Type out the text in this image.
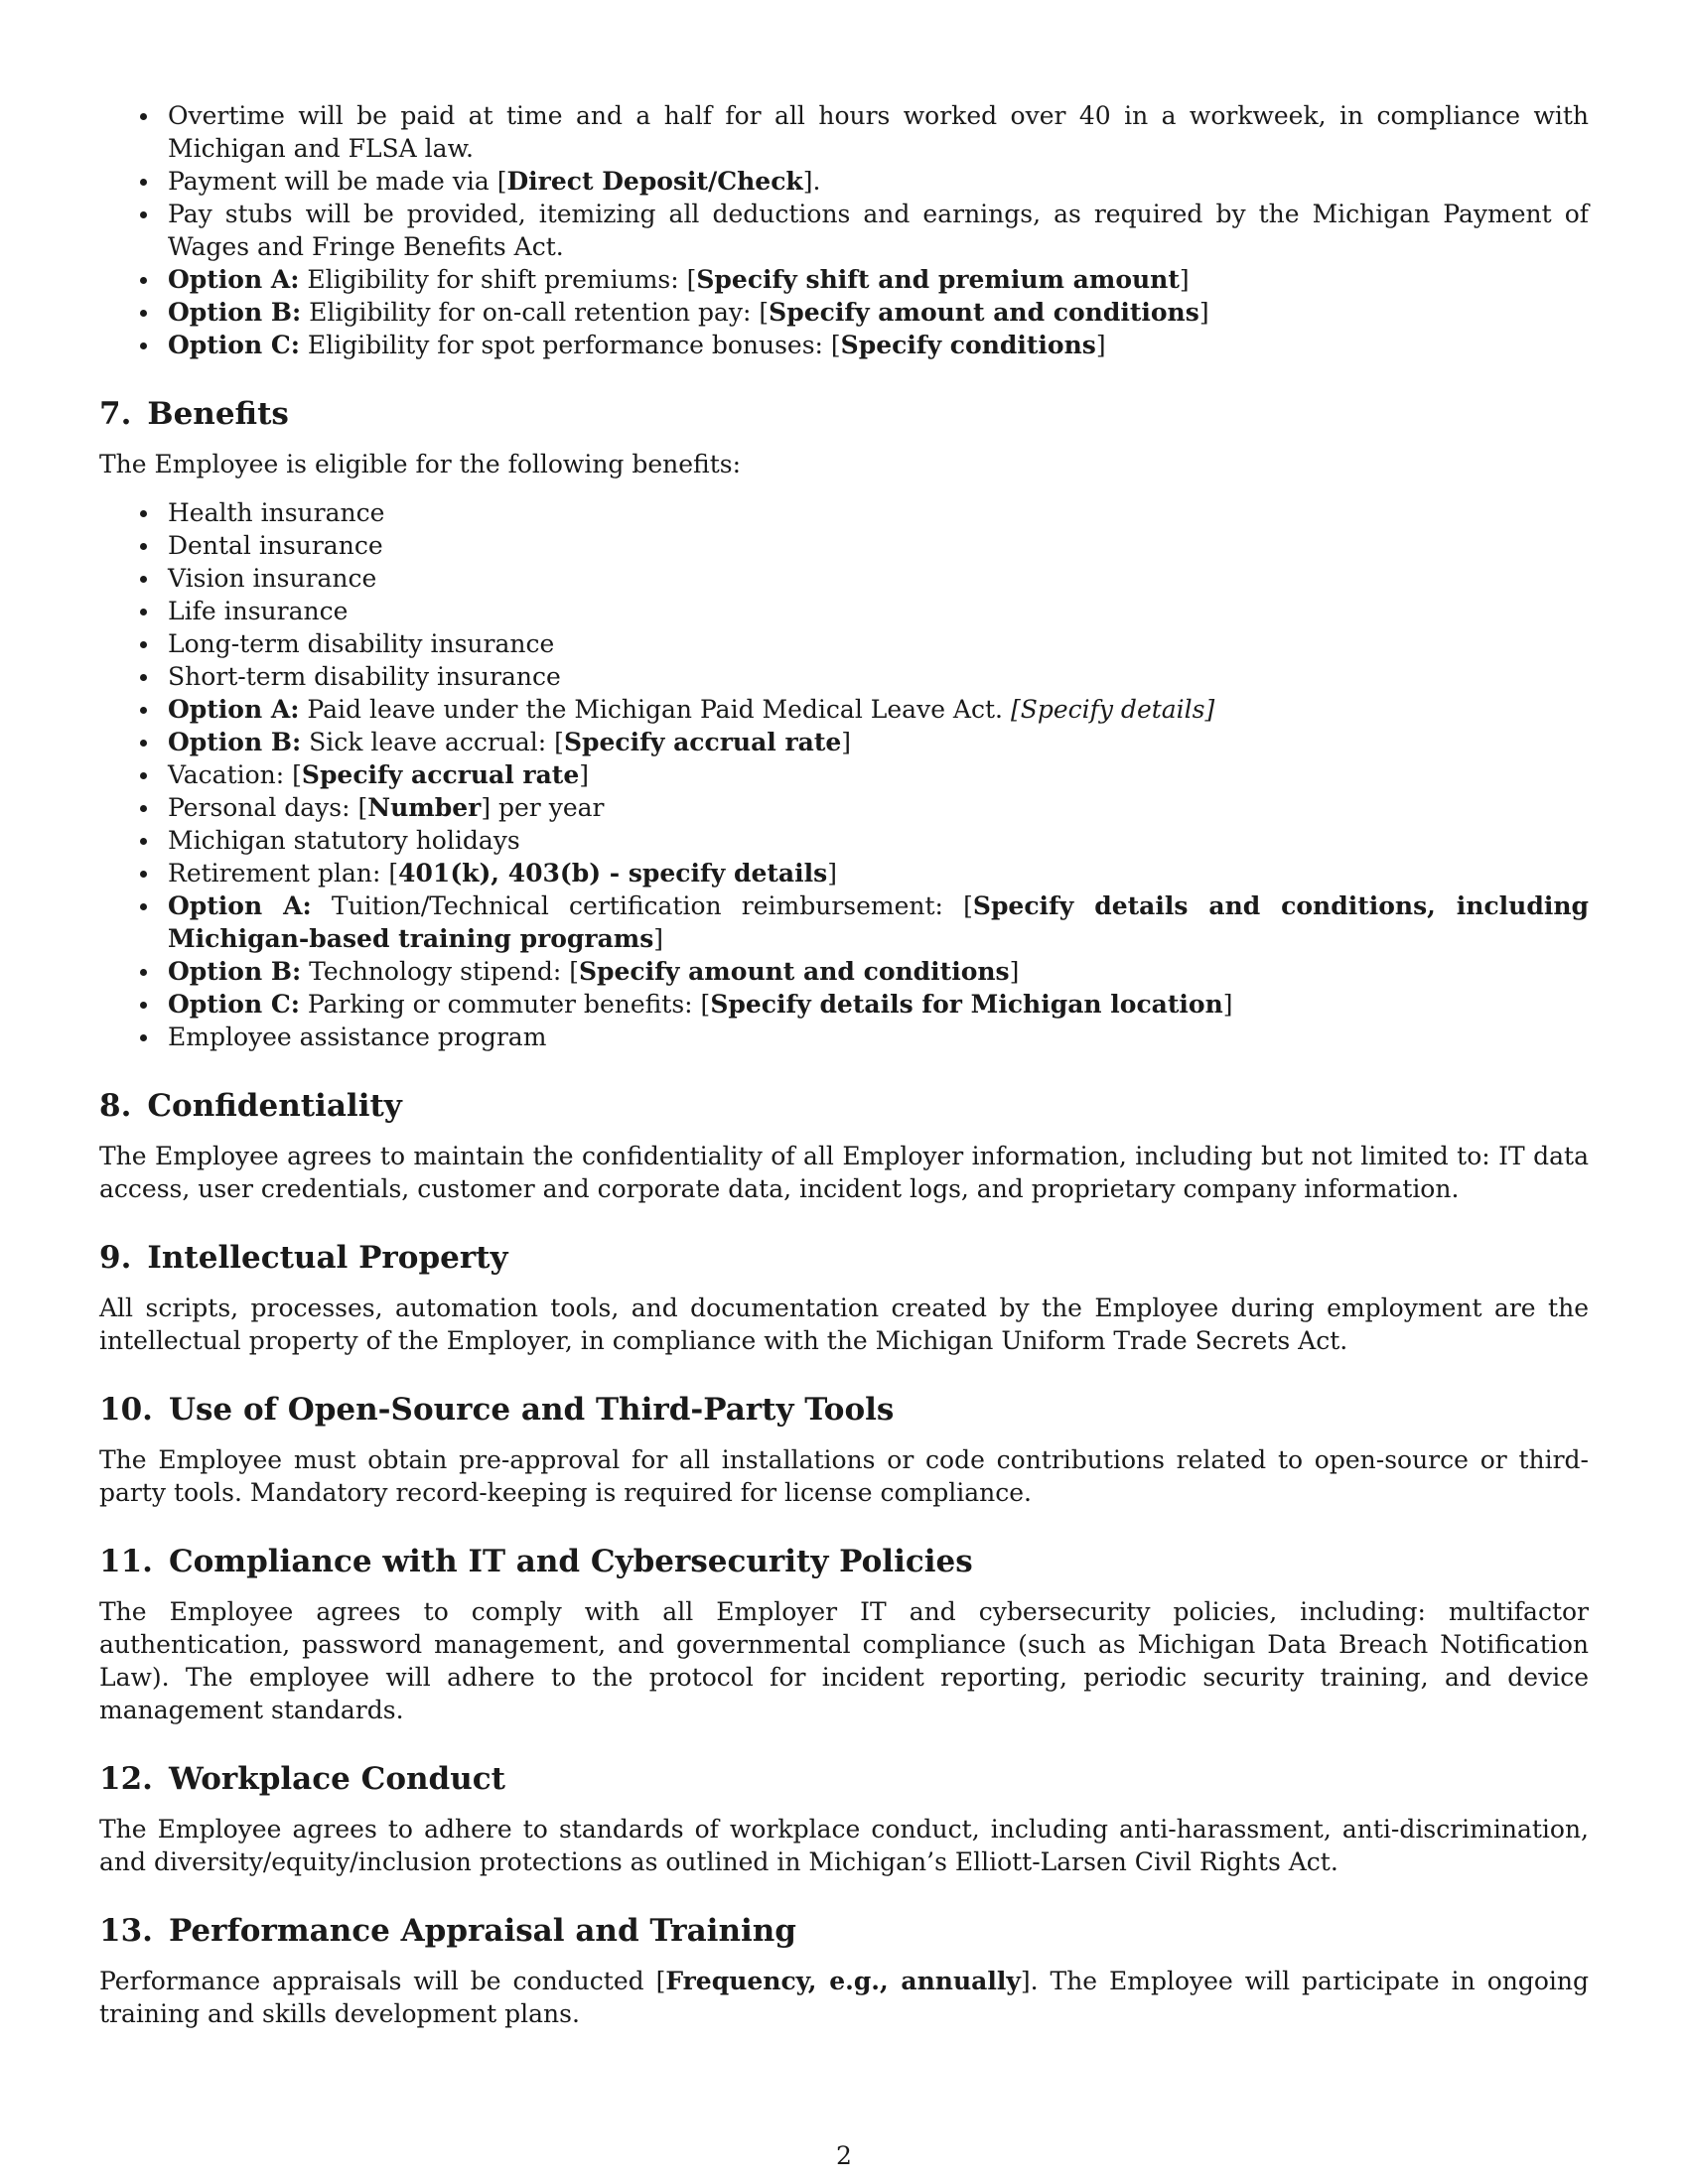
Overtime will be paid at time and a half for all hours worked over 40 in a workweek, in compliance with Michigan and FLSA law.
Payment will be made via [Direct Deposit/Check].
Pay stubs will be provided, itemizing all deductions and earnings, as required by the Michigan Payment of Wages and Fringe Benefits Act.
Option A: Eligibility for shift premiums: [Specify shift and premium amount]
Option B: Eligibility for on-call retention pay: [Specify amount and conditions]
Option C: Eligibility for spot performance bonuses: [Specify conditions]
7. Benefits

The Employee is eligible for the following benefits:

Health insurance
Dental insurance
Vision insurance
Life insurance
Long-term disability insurance
Short-term disability insurance
Option A: Paid leave under the Michigan Paid Medical Leave Act. [Specify details]
Option B: Sick leave accrual: [Specify accrual rate]
Vacation: [Specify accrual rate]
Personal days: [Number] per year
Michigan statutory holidays
Retirement plan: [401(k), 403(b) - specify details]
Option A: Tuition/Technical certification reimbursement: [Specify details and conditions, including Michigan-based training programs]
Option B: Technology stipend: [Specify amount and conditions]
Option C: Parking or commuter benefits: [Specify details for Michigan location]
Employee assistance program
8. Confidentiality

The Employee agrees to maintain the confidentiality of all Employer information, including but not limited to: IT data access, user credentials, customer and corporate data, incident logs, and proprietary company information.

9. Intellectual Property

All scripts, processes, automation tools, and documentation created by the Employee during employment are the intellectual property of the Employer, in compliance with the Michigan Uniform Trade Secrets Act.

10. Use of Open-Source and Third-Party Tools

The Employee must obtain pre-approval for all installations or code contributions related to open-source or third-party tools. Mandatory record-keeping is required for license compliance.

11. Compliance with IT and Cybersecurity Policies

The Employee agrees to comply with all Employer IT and cybersecurity policies, including: multifactor authentication, password management, and governmental compliance (such as Michigan Data Breach Notification Law). The employee will adhere to the protocol for incident reporting, periodic security training, and device management standards.

12. Workplace Conduct

The Employee agrees to adhere to standards of workplace conduct, including anti-harassment, anti-discrimination, and diversity/equity/inclusion protections as outlined in Michigan’s Elliott-Larsen Civil Rights Act.

13. Performance Appraisal and Training

Performance appraisals will be conducted [Frequency, e.g., annually]. The Employee will participate in ongoing training and skills development plans.

2
